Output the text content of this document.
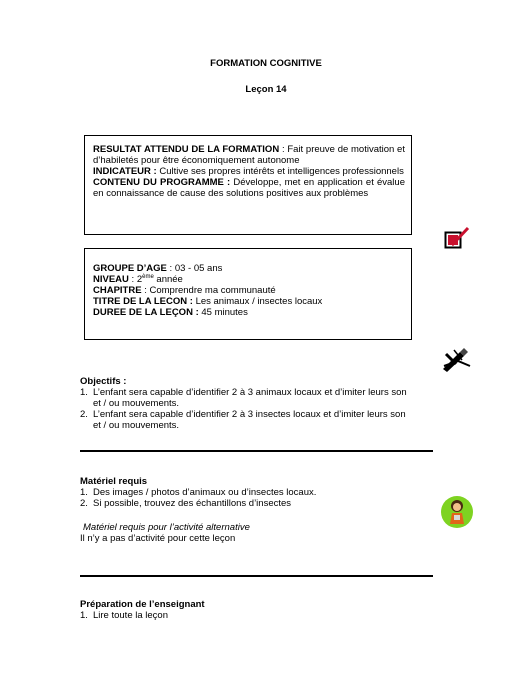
FORMATION COGNITIVE
Leçon 14
RESULTAT ATTENDU DE LA FORMATION : Fait preuve de motivation et d’habiletés pour être économiquement autonome
INDICATEUR : Cultive ses propres intérêts et intelligences professionnels
CONTENU DU PROGRAMME : Développe, met en application et évalue en connaissance de cause des solutions positives aux problèmes
GROUPE D’AGE : 03 - 05 ans
NIVEAU : 2ème année
CHAPITRE : Comprendre ma communauté
TITRE DE LA LECON : Les animaux / insectes locaux
DUREE DE LA LEÇON : 45 minutes
Objectifs :
1. L’enfant sera capable d’identifier 2 à 3 animaux locaux et d’imiter leurs son et / ou mouvements.
2. L’enfant sera capable d’identifier 2 à 3 insectes locaux et d’imiter leurs son et / ou mouvements.
Matériel requis
1. Des images / photos d’animaux ou d’insectes locaux.
2. Si possible, trouvez des échantillons d’insectes
Matériel requis pour l’activité alternative
Il n’y a pas d’activité pour cette leçon
Préparation de l’enseignant
1. Lire toute la leçon
